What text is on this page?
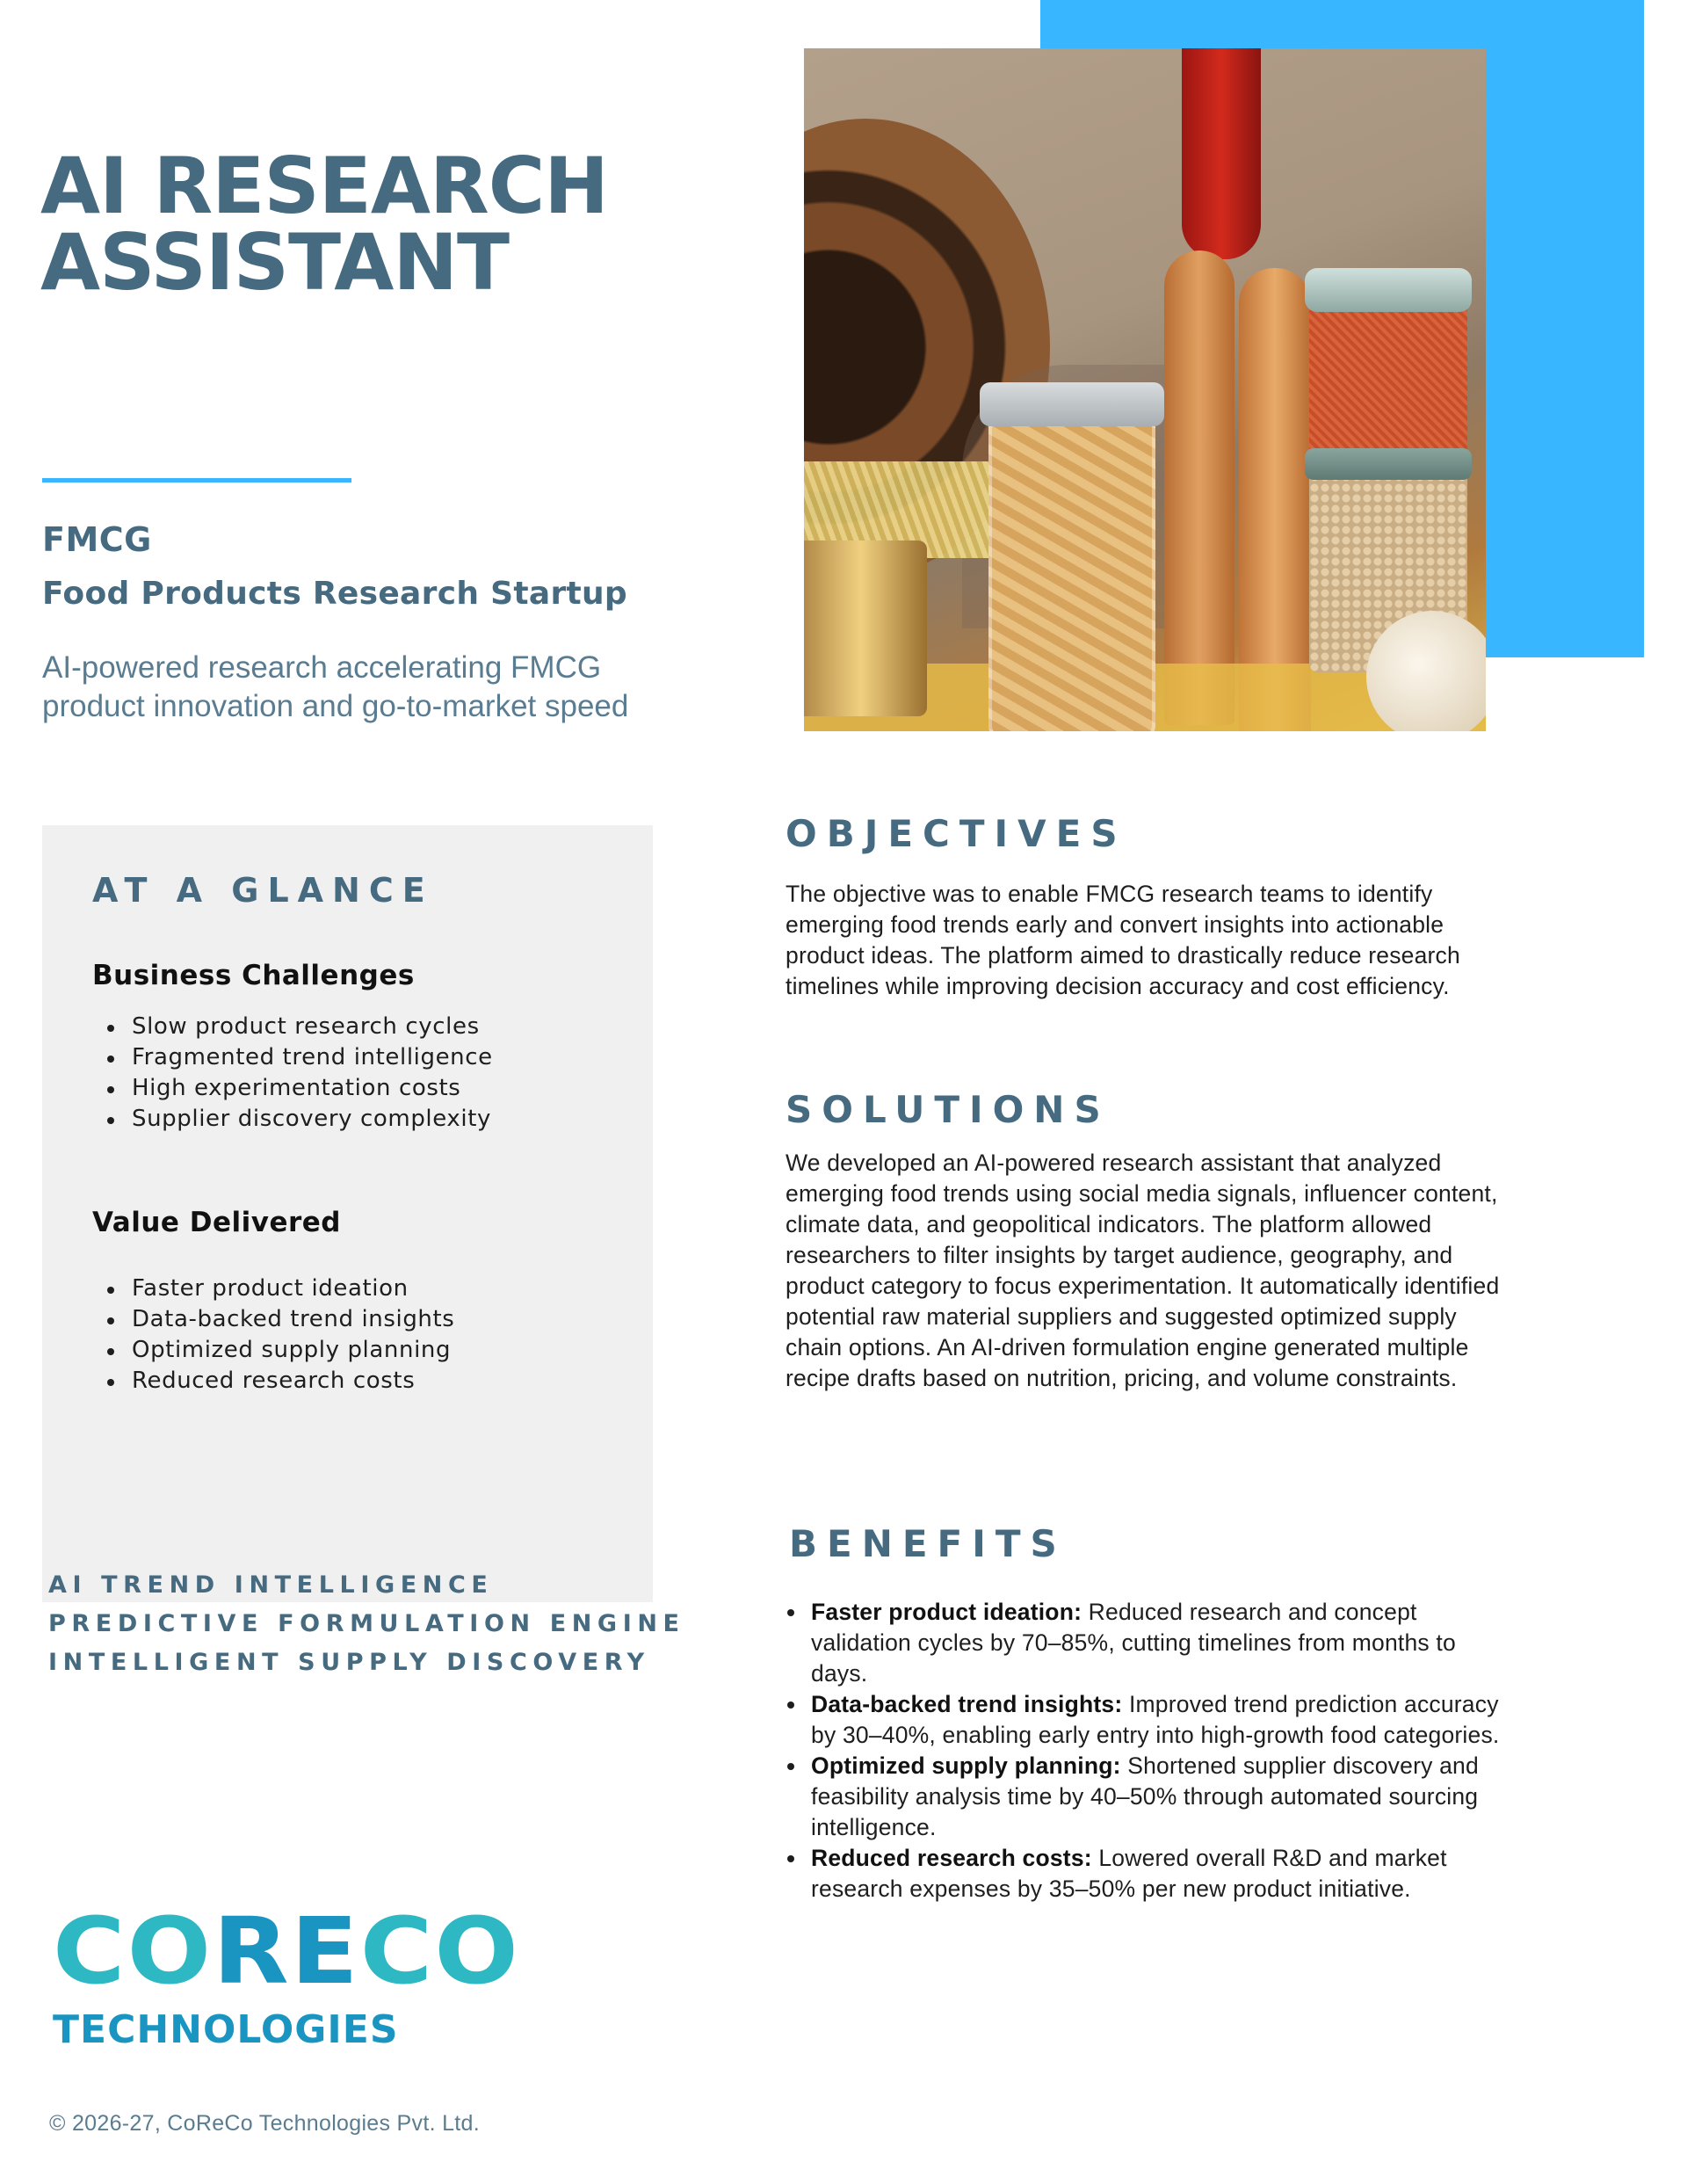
AI RESEARCH
ASSISTANT
FMCG
Food Products Research Startup

AI-powered research accelerating FMCG product innovation and go-to-market speed

AT A GLANCE
Business Challenges
Slow product research cycles
Fragmented trend intelligence
High experimentation costs
Supplier discovery complexity
Value Delivered
Faster product ideation
Data-backed trend insights
Optimized supply planning
Reduced research costs
AI TREND INTELLIGENCE
PREDICTIVE FORMULATION ENGINE
INTELLIGENT SUPPLY DISCOVERY
CORECO
TECHNOLOGIES
© 2026-27, CoReCo Technologies Pvt. Ltd.
OBJECTIVES

The objective was to enable FMCG research teams to identify emerging food trends early and convert insights into actionable product ideas. The platform aimed to drastically reduce research timelines while improving decision accuracy and cost efficiency.

SOLUTIONS

We developed an AI-powered research assistant that analyzed emerging food trends using social media signals, influencer content, climate data, and geopolitical indicators. The platform allowed researchers to filter insights by target audience, geography, and product category to focus experimentation. It automatically identified potential raw material suppliers and suggested optimized supply chain options. An AI-driven formulation engine generated multiple recipe drafts based on nutrition, pricing, and volume constraints.

BENEFITS
Faster product ideation: Reduced research and concept validation cycles by 70–85%, cutting timelines from months to days.
Data-backed trend insights: Improved trend prediction accuracy by 30–40%, enabling early entry into high-growth food categories.
Optimized supply planning: Shortened supplier discovery and feasibility analysis time by 40–50% through automated sourcing intelligence.
Reduced research costs: Lowered overall R&D and market research expenses by 35–50% per new product initiative.
